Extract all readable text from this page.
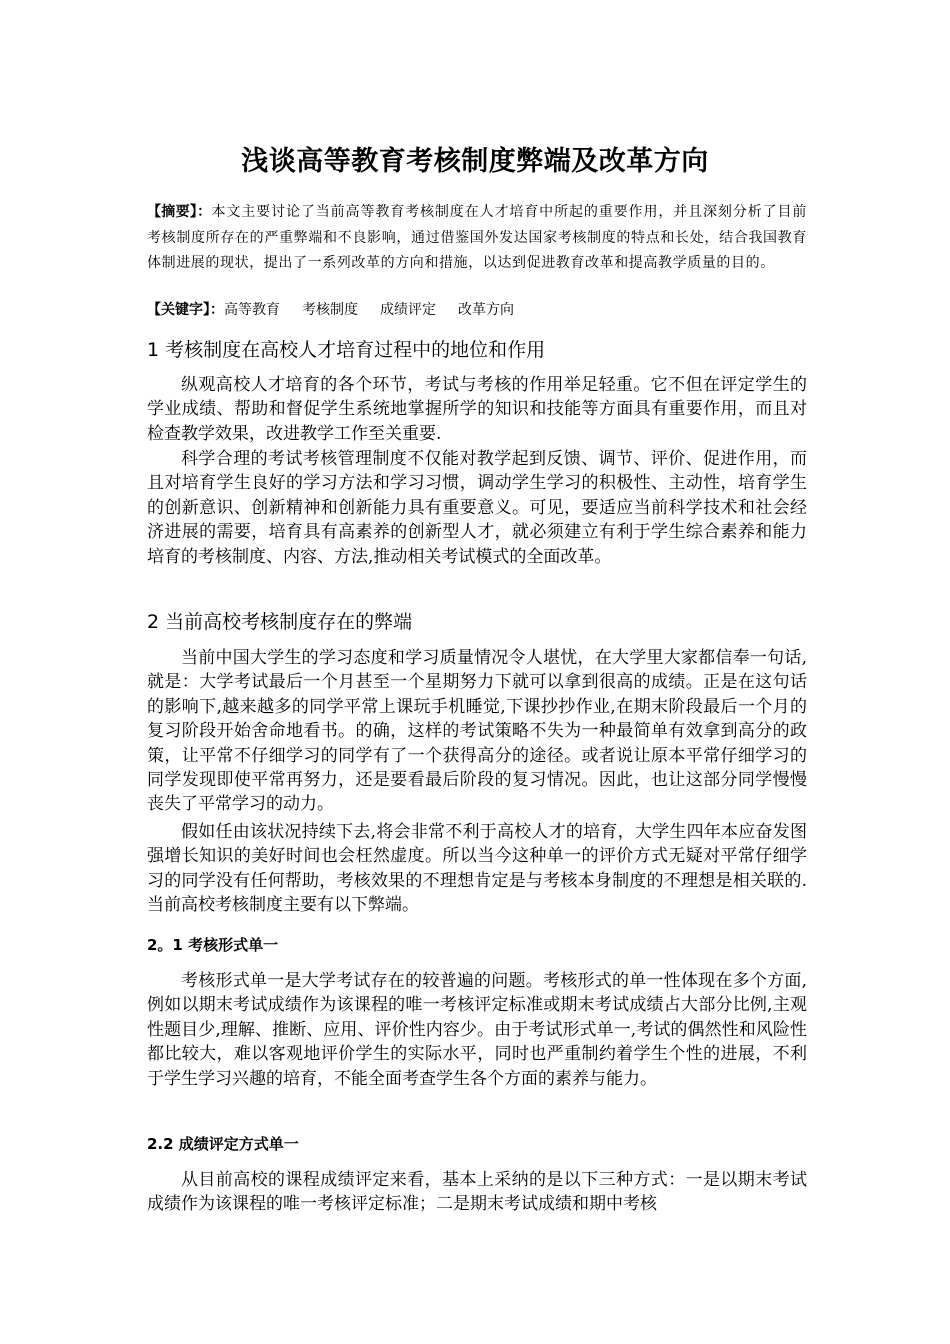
浅谈高等教育考核制度弊端及改革方向
【摘要】：本文主要讨论了当前高等教育考核制度在人才培育中所起的重要作用，并且深刻分析了目前考核制度所存在的严重弊端和不良影响，通过借鉴国外发达国家考核制度的特点和长处，结合我国教育体制进展的现状，提出了一系列改革的方向和措施，以达到促进教育改革和提高教学质量的目的。
【关键字】：高等教育 考核制度 成绩评定 改革方向
1 考核制度在高校人才培育过程中的地位和作用

纵观高校人才培育的各个环节，考试与考核的作用举足轻重。它不但在评定学生的学业成绩、帮助和督促学生系统地掌握所学的知识和技能等方面具有重要作用，而且对检查教学效果，改进教学工作至关重要.

科学合理的考试考核管理制度不仅能对教学起到反馈、调节、评价、促进作用，而且对培育学生良好的学习方法和学习习惯，调动学生学习的积极性、主动性，培育学生的创新意识、创新精神和创新能力具有重要意义。可见，要适应当前科学技术和社会经济进展的需要，培育具有高素养的创新型人才，就必须建立有利于学生综合素养和能力培育的考核制度、内容、方法,推动相关考试模式的全面改革。

2 当前高校考核制度存在的弊端

当前中国大学生的学习态度和学习质量情况令人堪忧，在大学里大家都信奉一句话,就是：大学考试最后一个月甚至一个星期努力下就可以拿到很高的成绩。正是在这句话的影响下,越来越多的同学平常上课玩手机睡觉,下课抄抄作业,在期末阶段最后一个月的复习阶段开始舍命地看书。的确，这样的考试策略不失为一种最简单有效拿到高分的政策，让平常不仔细学习的同学有了一个获得高分的途径。或者说让原本平常仔细学习的同学发现即使平常再努力，还是要看最后阶段的复习情况。因此，也让这部分同学慢慢丧失了平常学习的动力。

假如任由该状况持续下去,将会非常不利于高校人才的培育，大学生四年本应奋发图强增长知识的美好时间也会枉然虚度。所以当今这种单一的评价方式无疑对平常仔细学习的同学没有任何帮助，考核效果的不理想肯定是与考核本身制度的不理想是相关联的.当前高校考核制度主要有以下弊端。

2。1 考核形式单一

考核形式单一是大学考试存在的较普遍的问题。考核形式的单一性体现在多个方面,例如以期末考试成绩作为该课程的唯一考核评定标准或期末考试成绩占大部分比例,主观性题目少,理解、推断、应用、评价性内容少。由于考试形式单一,考试的偶然性和风险性都比较大，难以客观地评价学生的实际水平，同时也严重制约着学生个性的进展，不利于学生学习兴趣的培育，不能全面考查学生各个方面的素养与能力。

2.2 成绩评定方式单一

从目前高校的课程成绩评定来看，基本上采纳的是以下三种方式：一是以期末考试成绩作为该课程的唯一考核评定标准；二是期末考试成绩和期中考核
